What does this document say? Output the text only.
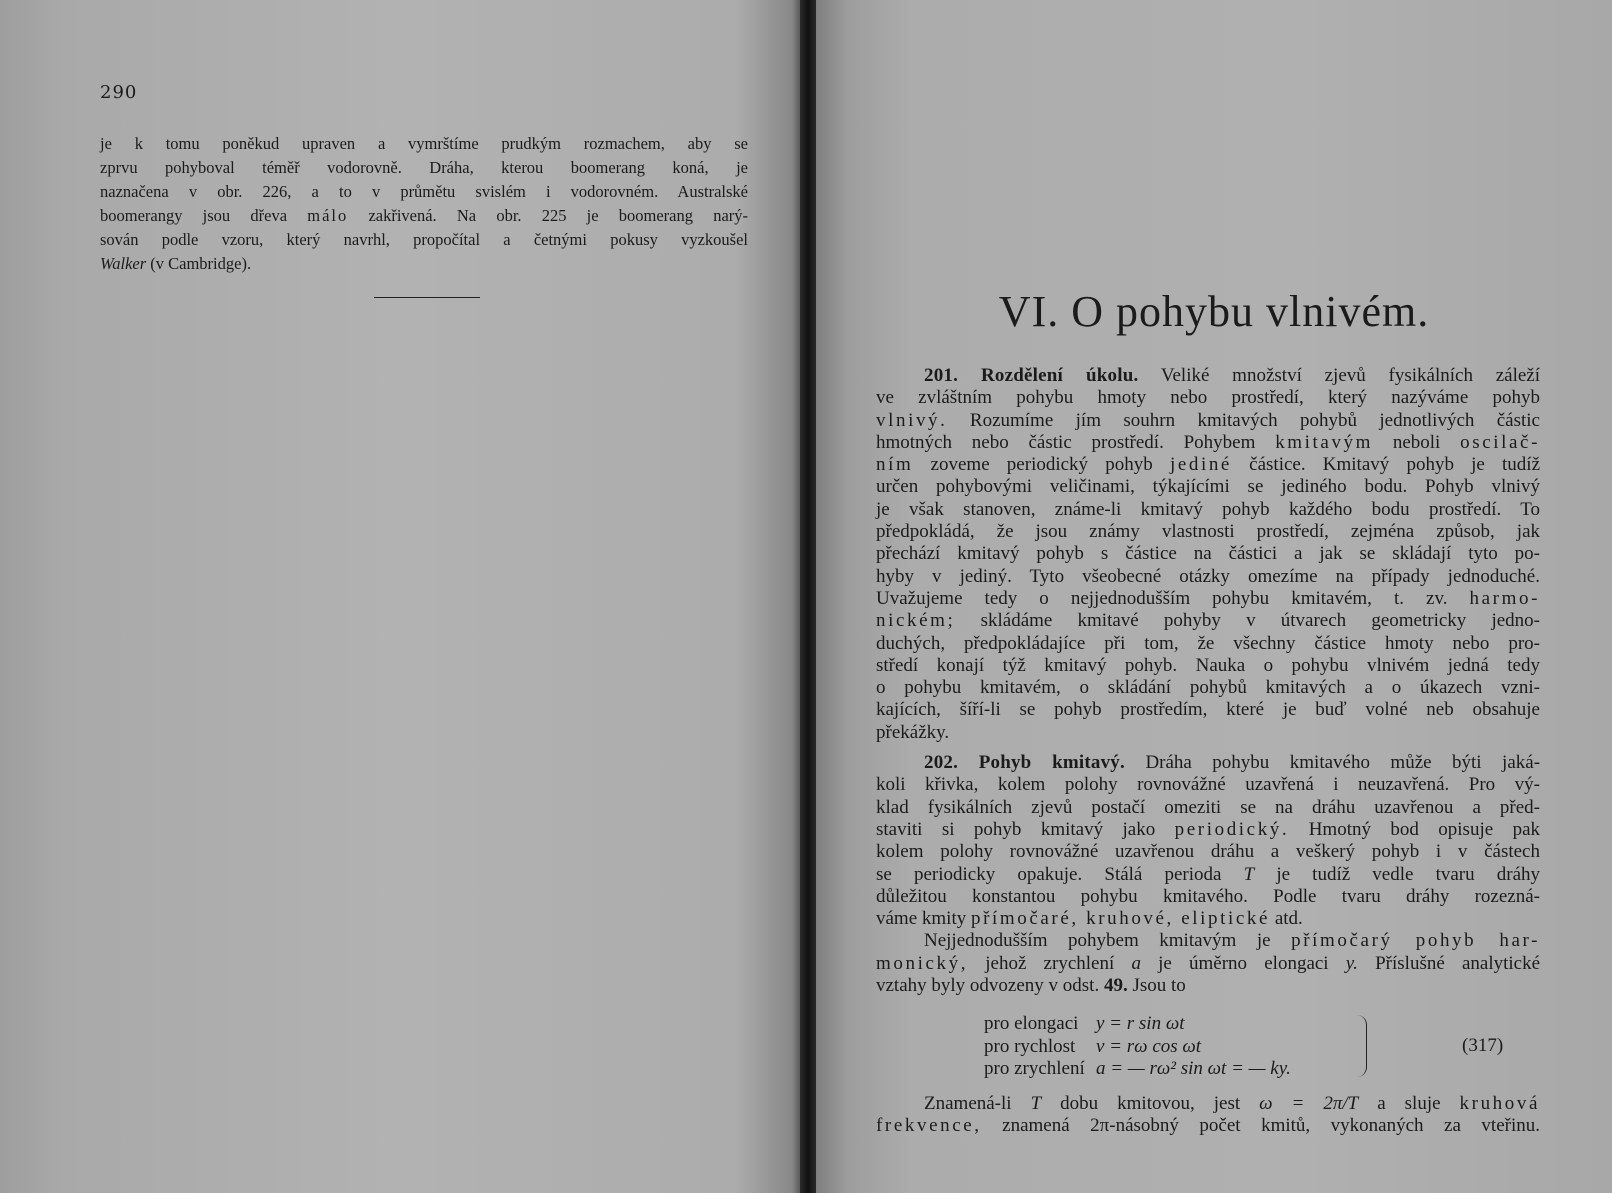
290
je k tomu poněkud upraven a vymrštíme prudkým rozmachem, aby se
zprvu pohyboval téměř vodorovně. Dráha, kterou boomerang koná, je
naznačena v obr. 226, a to v průmětu svislém i vodorovném. Australské
boomerangy jsou dřeva málo zakřivená. Na obr. 225 je boomerang narý-
sován podle vzoru, který navrhl, propočítal a četnými pokusy vyzkoušel
Walker (v Cambridge).
VI. O pohybu vlnivém.
201. Rozdělení úkolu. Veliké množství zjevů fysikálních záleží
ve zvláštním pohybu hmoty nebo prostředí, který nazýváme pohyb
vlnivý. Rozumíme jím souhrn kmitavých pohybů jednotlivých částic
hmotných nebo částic prostředí. Pohybem kmitavým neboli oscilač-
ním zoveme periodický pohyb jediné částice. Kmitavý pohyb je tudíž
určen pohybovými veličinami, týkajícími se jediného bodu. Pohyb vlnivý
je však stanoven, známe-li kmitavý pohyb každého bodu prostředí. To
předpokládá, že jsou známy vlastnosti prostředí, zejména způsob, jak
přechází kmitavý pohyb s částice na částici a jak se skládají tyto po-
hyby v jediný. Tyto všeobecné otázky omezíme na případy jednoduché.
Uvažujeme tedy o nejjednodušším pohybu kmitavém, t. zv. harmo-
nickém; skládáme kmitavé pohyby v útvarech geometricky jedno-
duchých, předpokládajíce při tom, že všechny částice hmoty nebo pro-
středí konají týž kmitavý pohyb. Nauka o pohybu vlnivém jedná tedy
o pohybu kmitavém, o skládání pohybů kmitavých a o úkazech vzni-
kajících, šíří-li se pohyb prostředím, které je buď volné neb obsahuje
překážky.
202. Pohyb kmitavý. Dráha pohybu kmitavého může býti jaká-
koli křivka, kolem polohy rovnovážné uzavřená i neuzavřená. Pro vý-
klad fysikálních zjevů postačí omeziti se na dráhu uzavřenou a před-
staviti si pohyb kmitavý jako periodický. Hmotný bod opisuje pak
kolem polohy rovnovážné uzavřenou dráhu a veškerý pohyb i v částech
se periodicky opakuje. Stálá perioda T je tudíž vedle tvaru dráhy
důležitou konstantou pohybu kmitavého. Podle tvaru dráhy rozezná-
váme kmity přímočaré, kruhové, eliptické atd.
Nejjednodušším pohybem kmitavým je přímočarý pohyb har-
monický, jehož zrychlení a je úměrno elongaci y. Příslušné analytické
vztahy byly odvozeny v odst. 49. Jsou to
pro elongaci y = r sin ωt
pro rychlost	v = rω cos ωt
pro zrychlení a = — rω² sin ωt = — ky.
(317)
Znamená-li T dobu kmitovou, jest ω = 2π/T a sluje kruhová
frekvence, znamená 2π-násobný počet kmitů, vykonaných za vteřinu.
